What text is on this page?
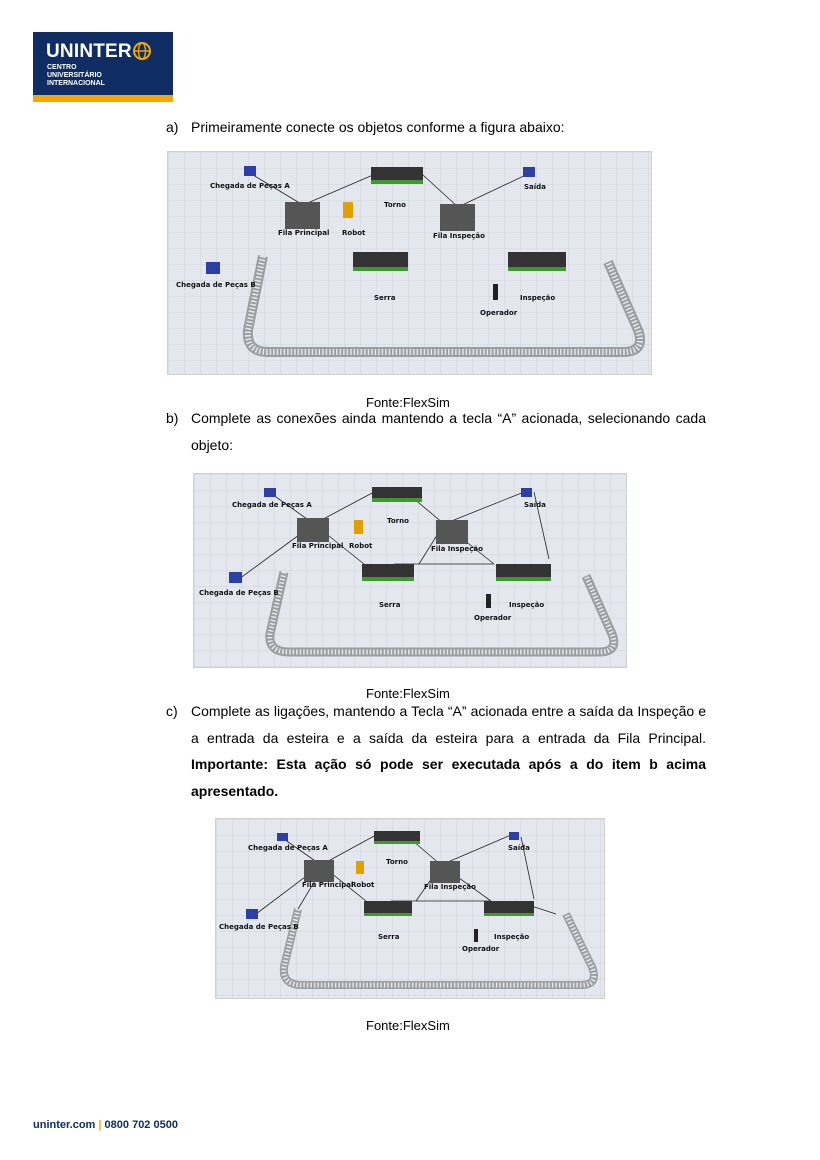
UNINTER
CENTRO
UNIVERSITÁRIO
INTERNACIONAL
a) Primeiramente conecte os objetos conforme a figura abaixo:
Chegada de Peças A	Saída
Torno
Fila Principal Robot	Fila Inspeção
Chegada de Peças B
Serra	Inspeção
Operador
Fonte:FlexSim
b) Complete as conexões ainda mantendo a tecla “A” acionada, selecionando cada objeto:
Chegada de Peças A	Saída
Torno
Fila Principal Robot	Fila Inspeção
Chegada de Peças B
Serra	Inspeção
Operador
Fonte:FlexSim
c) Complete as ligações, mantendo a Tecla “A” acionada entre a saída da Inspeção e a entrada da esteira e a saída da esteira para a entrada da Fila Principal. Importante: Esta ação só pode ser executada após a do item b acima apresentado.
Chegada de Peças A	Saída
Torno
Fila Principal
Robot	Fila Inspeção
Chegada de Peças B
Serra	Inspeção
Operador
Fonte:FlexSim
uninter.com | 0800 702 0500
